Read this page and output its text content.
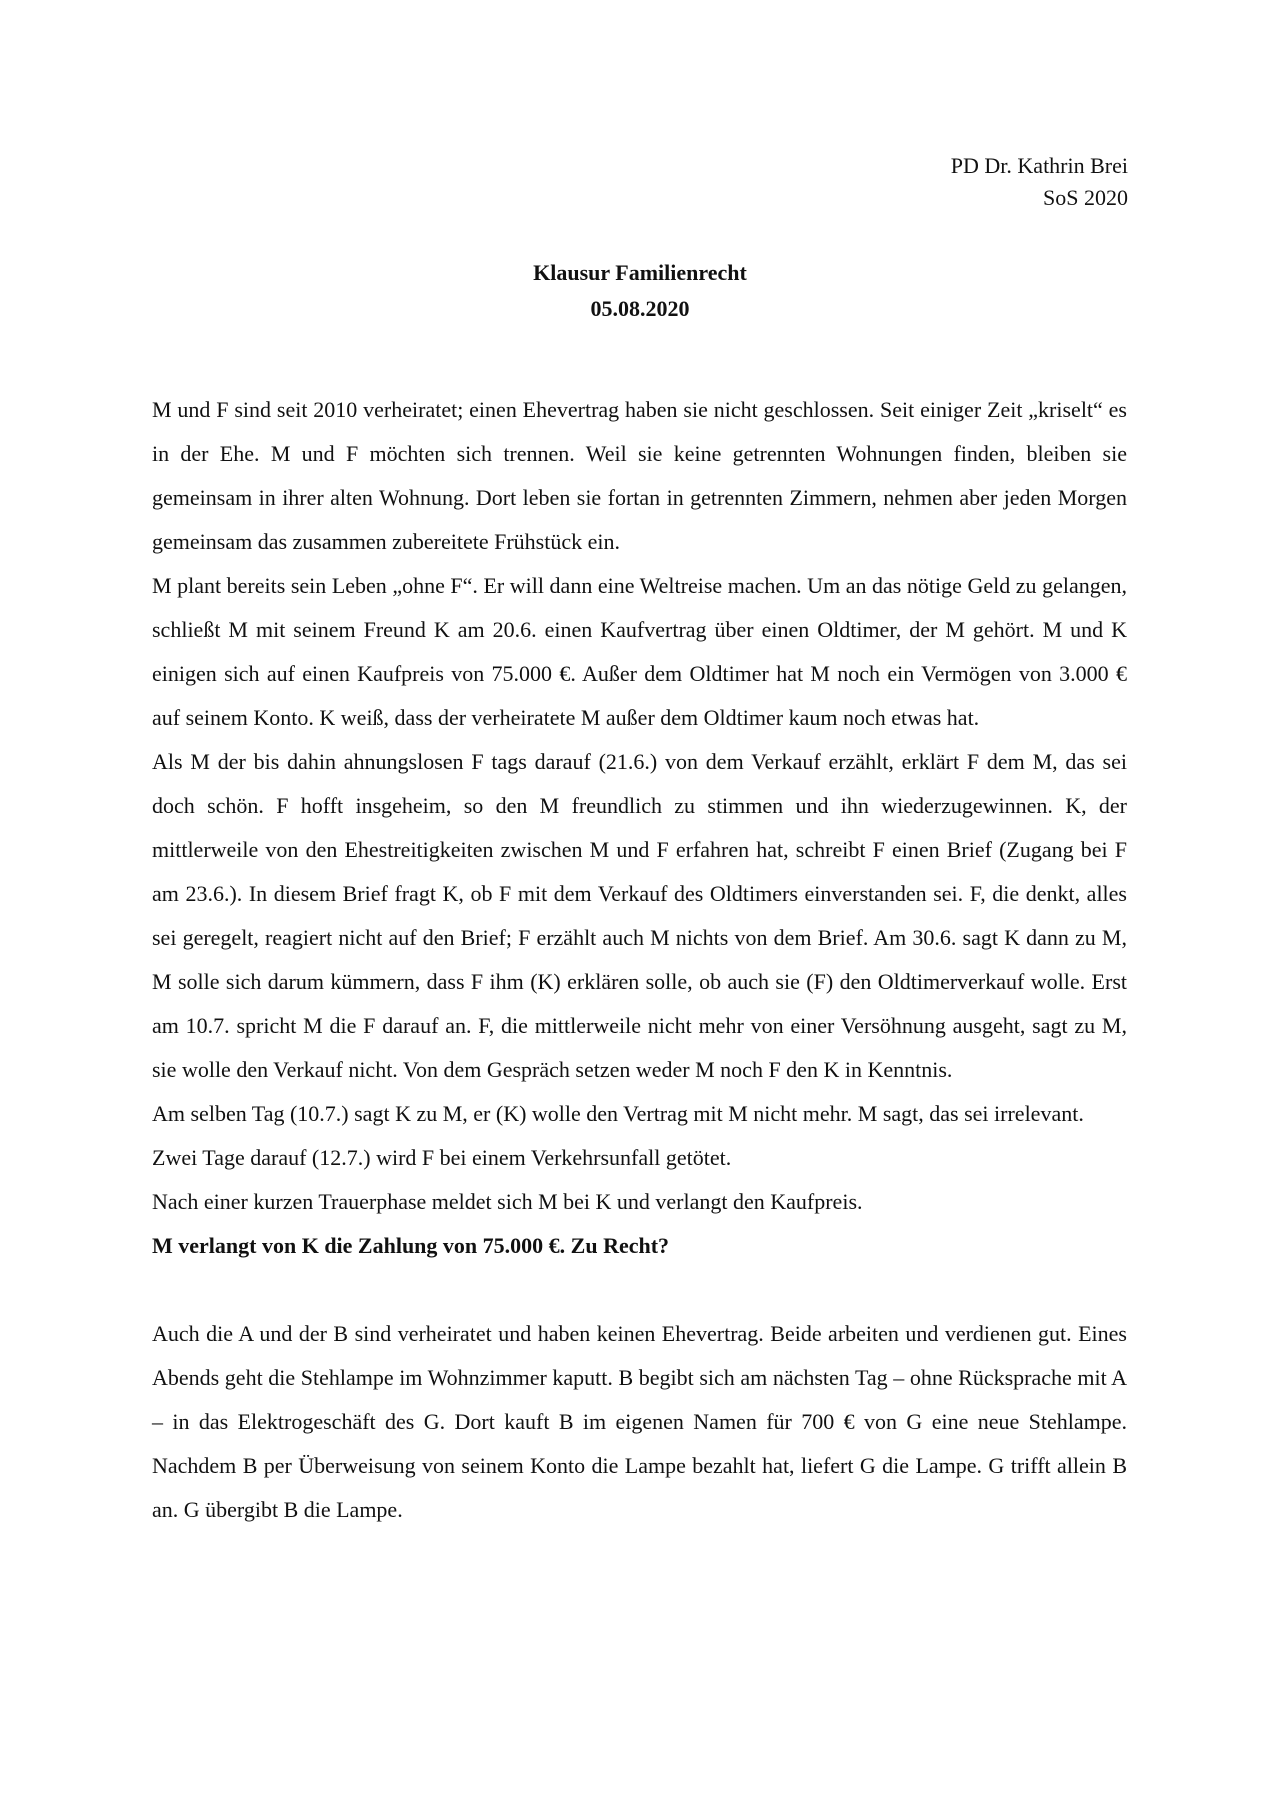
PD Dr. Kathrin Brei
SoS 2020
Klausur Familienrecht
05.08.2020

M und F sind seit 2010 verheiratet; einen Ehevertrag haben sie nicht geschlossen. Seit einiger Zeit „kriselt“ es in der Ehe. M und F möchten sich trennen. Weil sie keine getrennten Wohnungen finden, bleiben sie gemeinsam in ihrer alten Wohnung. Dort leben sie fortan in getrennten Zimmern, nehmen aber jeden Morgen gemeinsam das zusammen zubereitete Frühstück ein.

M plant bereits sein Leben „ohne F“. Er will dann eine Weltreise machen. Um an das nötige Geld zu gelangen, schließt M mit seinem Freund K am 20.6. einen Kaufvertrag über einen Oldtimer, der M gehört. M und K einigen sich auf einen Kaufpreis von 75.000 €. Außer dem Oldtimer hat M noch ein Vermögen von 3.000 € auf seinem Konto. K weiß, dass der verheiratete M außer dem Oldtimer kaum noch etwas hat.

Als M der bis dahin ahnungslosen F tags darauf (21.6.) von dem Verkauf erzählt, erklärt F dem M, das sei doch schön. F hofft insgeheim, so den M freundlich zu stimmen und ihn wiederzugewinnen. K, der mittlerweile von den Ehestreitigkeiten zwischen M und F erfahren hat, schreibt F einen Brief (Zugang bei F am 23.6.). In diesem Brief fragt K, ob F mit dem Verkauf des Oldtimers einverstanden sei. F, die denkt, alles sei geregelt, reagiert nicht auf den Brief; F erzählt auch M nichts von dem Brief. Am 30.6. sagt K dann zu M, M solle sich darum kümmern, dass F ihm (K) erklären solle, ob auch sie (F) den Oldtimerverkauf wolle. Erst am 10.7. spricht M die F darauf an. F, die mittlerweile nicht mehr von einer Versöhnung ausgeht, sagt zu M, sie wolle den Verkauf nicht. Von dem Gespräch setzen weder M noch F den K in Kenntnis.

Am selben Tag (10.7.) sagt K zu M, er (K) wolle den Vertrag mit M nicht mehr. M sagt, das sei irrelevant.

Zwei Tage darauf (12.7.) wird F bei einem Verkehrsunfall getötet.

Nach einer kurzen Trauerphase meldet sich M bei K und verlangt den Kaufpreis.

M verlangt von K die Zahlung von 75.000 €. Zu Recht?

Auch die A und der B sind verheiratet und haben keinen Ehevertrag. Beide arbeiten und verdienen gut. Eines Abends geht die Stehlampe im Wohnzimmer kaputt. B begibt sich am nächsten Tag – ohne Rücksprache mit A – in das Elektrogeschäft des G. Dort kauft B im eigenen Namen für 700 € von G eine neue Stehlampe. Nachdem B per Überweisung von seinem Konto die Lampe bezahlt hat, liefert G die Lampe. G trifft allein B an. G übergibt B die Lampe.
